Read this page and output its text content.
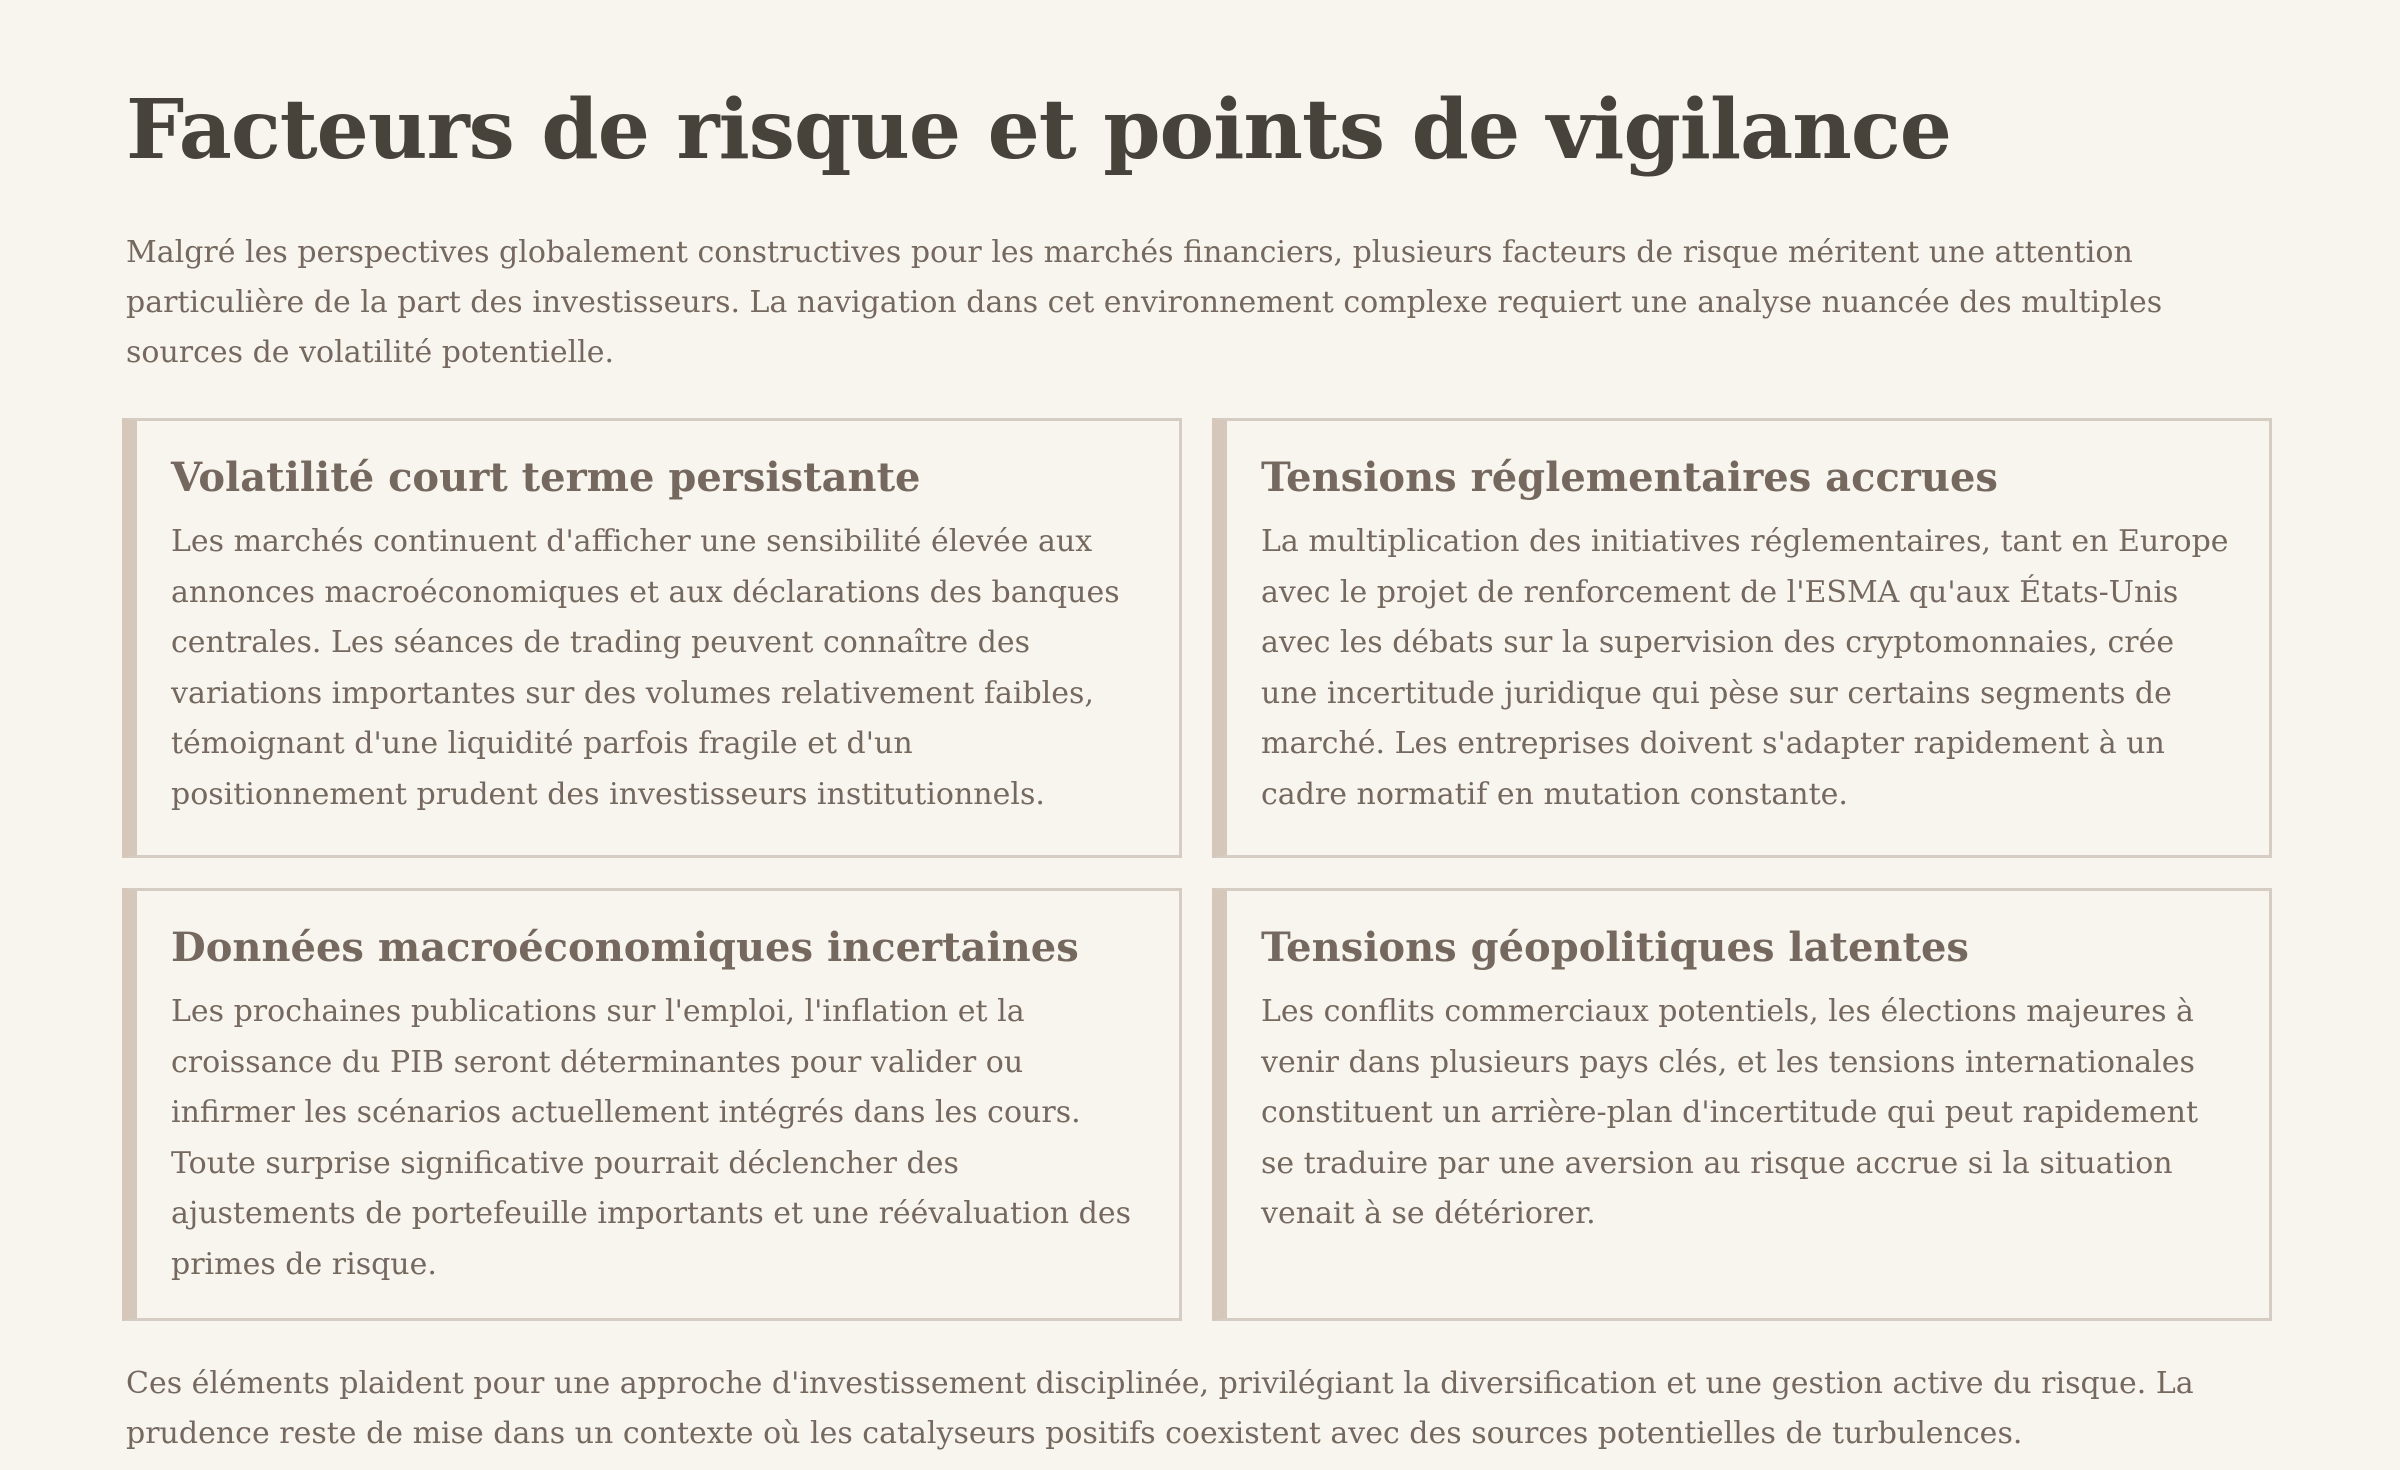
Facteurs de risque et points de vigilance

Malgré les perspectives globalement constructives pour les marchés financiers, plusieurs facteurs de risque méritent une attention particulière de la part des investisseurs. La navigation dans cet environnement complexe requiert une analyse nuancée des multiples sources de volatilité potentielle.

Volatilité court terme persistante

Les marchés continuent d'afficher une sensibilité élevée aux annonces macroéconomiques et aux déclarations des banques centrales. Les séances de trading peuvent connaître des variations importantes sur des volumes relativement faibles, témoignant d'une liquidité parfois fragile et d'un positionnement prudent des investisseurs institutionnels.

Tensions réglementaires accrues

La multiplication des initiatives réglementaires, tant en Europe avec le projet de renforcement de l'ESMA qu'aux États-Unis avec les débats sur la supervision des cryptomonnaies, crée une incertitude juridique qui pèse sur certains segments de marché. Les entreprises doivent s'adapter rapidement à un cadre normatif en mutation constante.

Données macroéconomiques incertaines

Les prochaines publications sur l'emploi, l'inflation et la croissance du PIB seront déterminantes pour valider ou infirmer les scénarios actuellement intégrés dans les cours. Toute surprise significative pourrait déclencher des ajustements de portefeuille importants et une réévaluation des primes de risque.

Tensions géopolitiques latentes

Les conflits commerciaux potentiels, les élections majeures à venir dans plusieurs pays clés, et les tensions internationales constituent un arrière-plan d'incertitude qui peut rapidement se traduire par une aversion au risque accrue si la situation venait à se détériorer.

Ces éléments plaident pour une approche d'investissement disciplinée, privilégiant la diversification et une gestion active du risque. La prudence reste de mise dans un contexte où les catalyseurs positifs coexistent avec des sources potentielles de turbulences.
